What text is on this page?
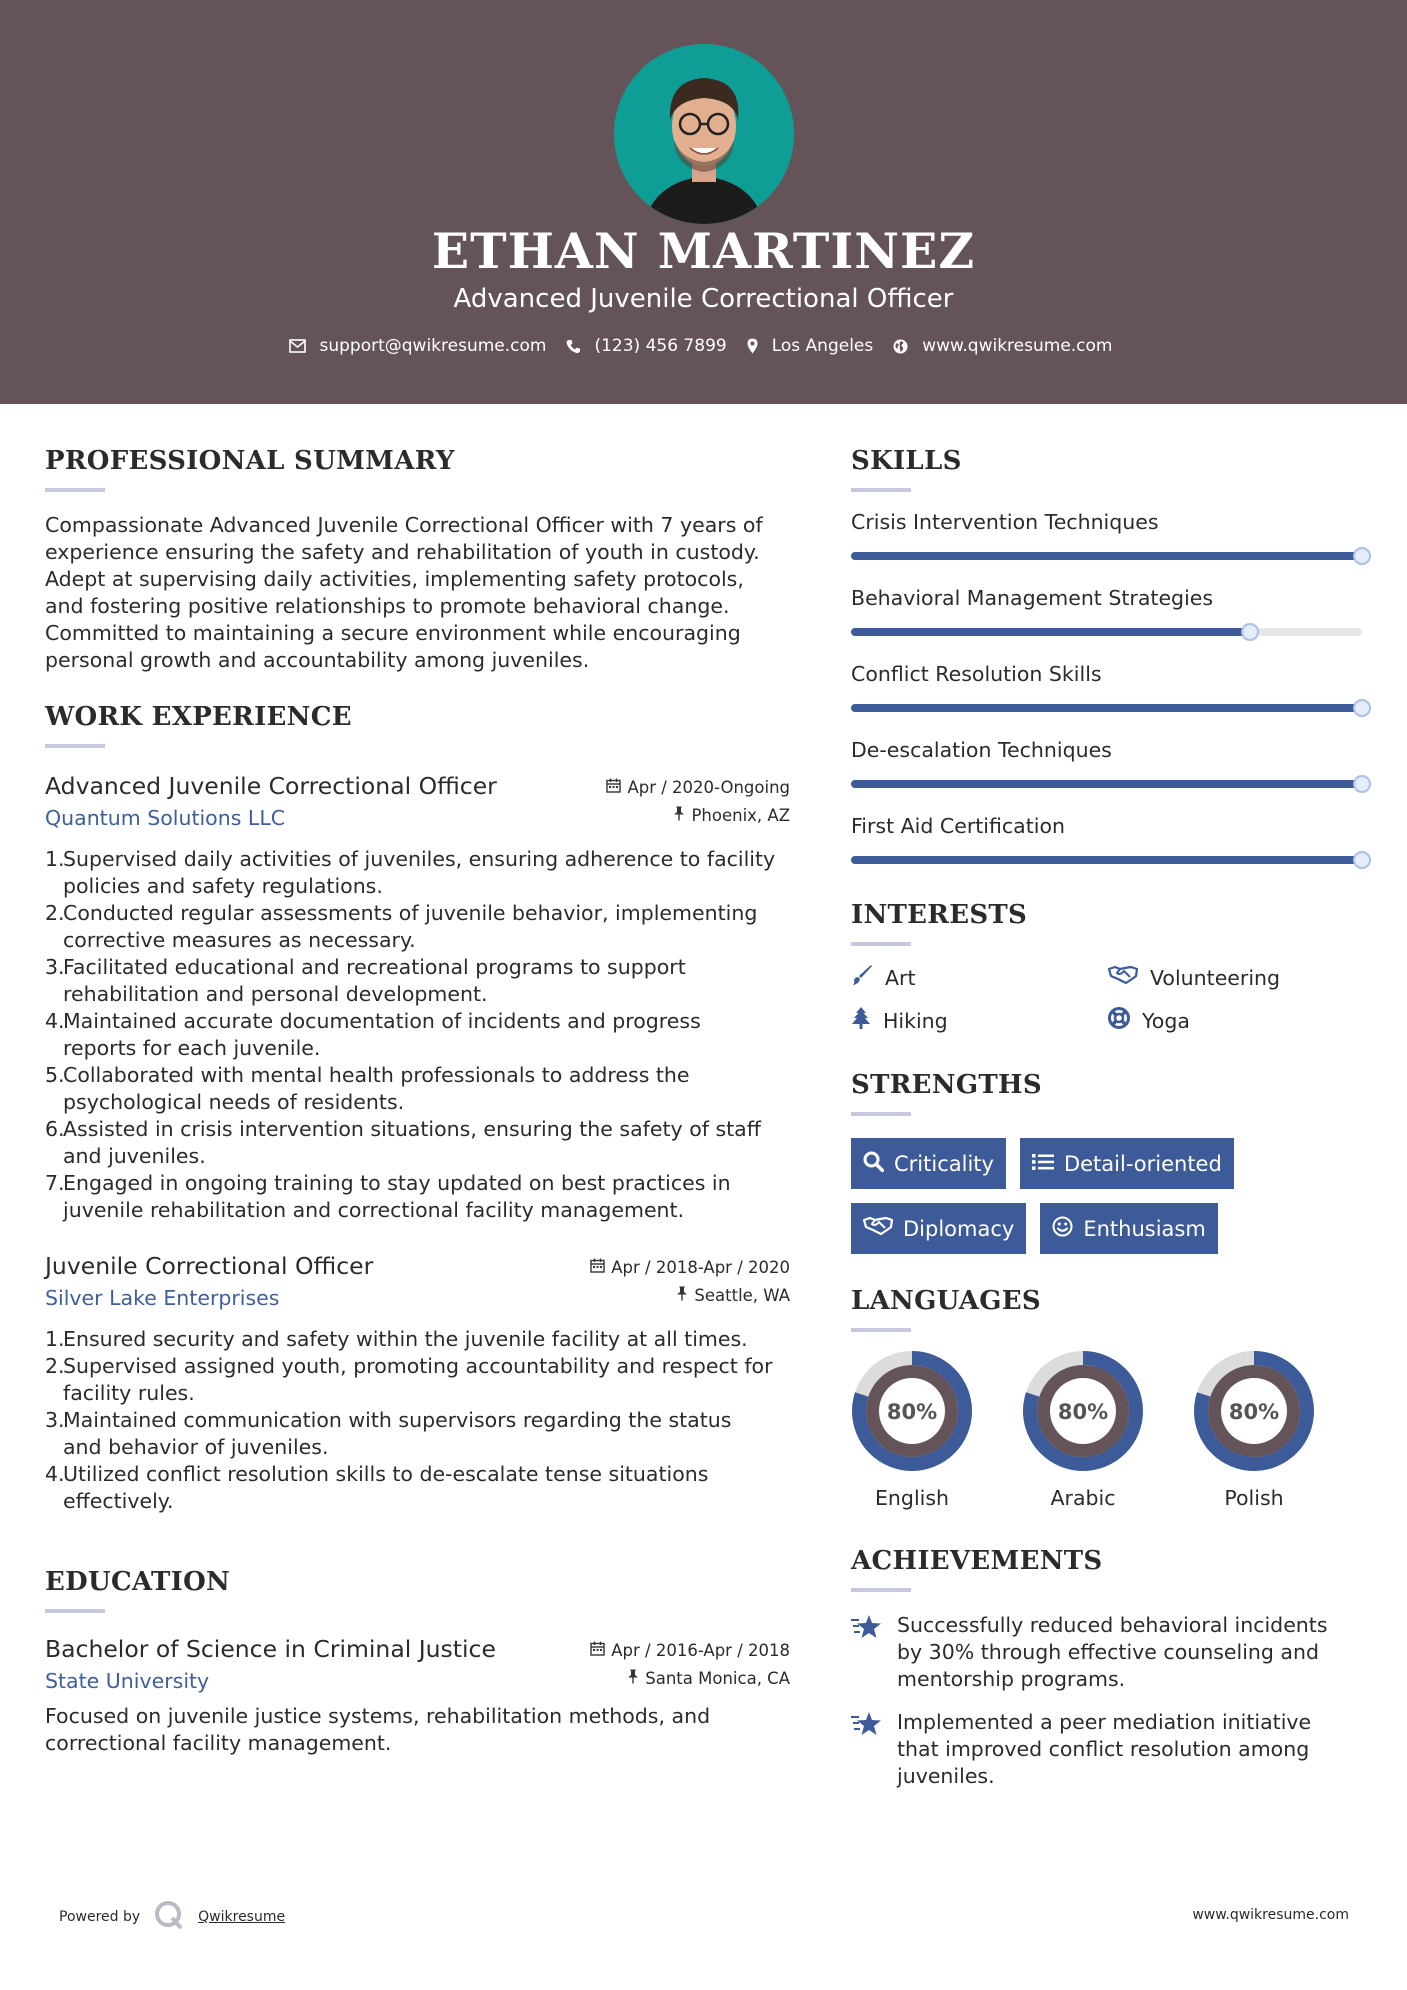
ETHAN MARTINEZ
Advanced Juvenile Correctional Officer
support@qwikresume.com	(123) 456 7899	Los Angeles	www.qwikresume.com
PROFESSIONAL SUMMARY
Compassionate Advanced Juvenile Correctional Officer with 7 years of
experience ensuring the safety and rehabilitation of youth in custody.
Adept at supervising daily activities, implementing safety protocols,
and fostering positive relationships to promote behavioral change.
Committed to maintaining a secure environment while encouraging
personal growth and accountability among juveniles.
WORK EXPERIENCE
Advanced Juvenile Correctional Officer	Apr / 2020-Ongoing
Quantum Solutions LLC	Phoenix, AZ
1.
Supervised daily activities of juveniles, ensuring adherence to facility
policies and safety regulations.
2.
Conducted regular assessments of juvenile behavior, implementing
corrective measures as necessary.
3.
Facilitated educational and recreational programs to support
rehabilitation and personal development.
4.
Maintained accurate documentation of incidents and progress
reports for each juvenile.
5.
Collaborated with mental health professionals to address the
psychological needs of residents.
6.
Assisted in crisis intervention situations, ensuring the safety of staff
and juveniles.
7.
Engaged in ongoing training to stay updated on best practices in
juvenile rehabilitation and correctional facility management.
Juvenile Correctional Officer	Apr / 2018-Apr / 2020
Silver Lake Enterprises	Seattle, WA
1.
Ensured security and safety within the juvenile facility at all times.
2.
Supervised assigned youth, promoting accountability and respect for
facility rules.
3.
Maintained communication with supervisors regarding the status
and behavior of juveniles.
4.
Utilized conflict resolution skills to de-escalate tense situations
effectively.
EDUCATION
Bachelor of Science in Criminal Justice	Apr / 2016-Apr / 2018
State University	Santa Monica, CA
Focused on juvenile justice systems, rehabilitation methods, and
correctional facility management.
SKILLS
Crisis Intervention Techniques
Behavioral Management Strategies
Conflict Resolution Skills
De-escalation Techniques
First Aid Certification
INTERESTS
Art	Volunteering
Hiking	Yoga
STRENGTHS
Criticality	Detail-oriented
Diplomacy	Enthusiasm
LANGUAGES
80%
English
80%
Arabic
80%
Polish
ACHIEVEMENTS
Successfully reduced behavioral incidents
by 30% through effective counseling and
mentorship programs.
Implemented a peer mediation initiative
that improved conflict resolution among
juveniles.
Powered by	Qwikresume	www.qwikresume.com
